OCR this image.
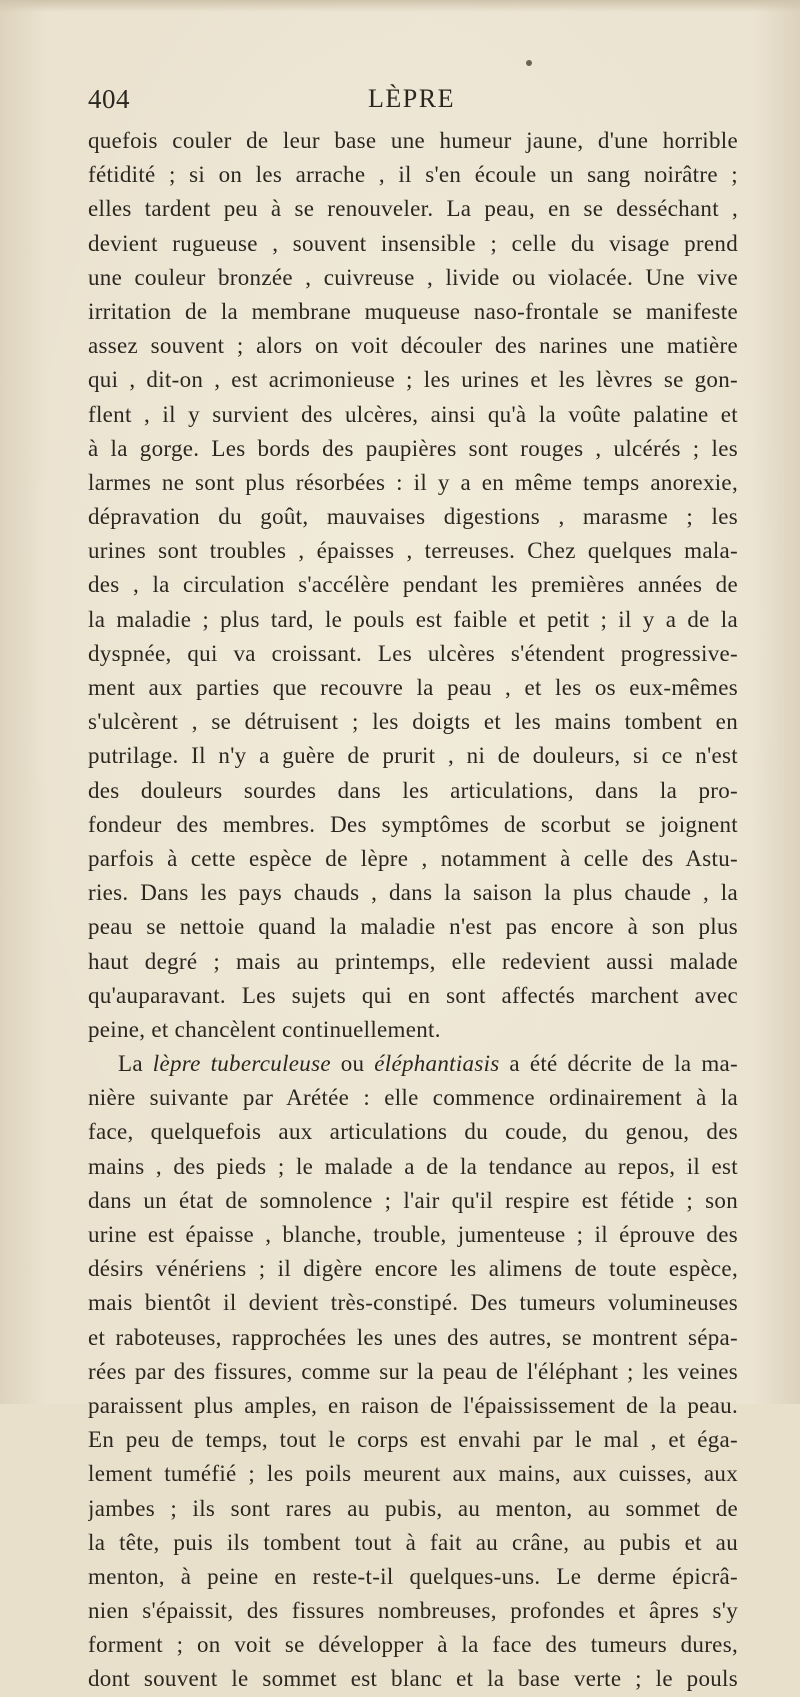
404	LÈPRE
quefois couler de leur base une humeur jaune, d'une horrible
fétidité ; si on les arrache , il s'en écoule un sang noirâtre ;
elles tardent peu à se renouveler. La peau, en se desséchant ,
devient rugueuse , souvent insensible ; celle du visage prend
une couleur bronzée , cuivreuse , livide ou violacée. Une vive
irritation de la membrane muqueuse naso-frontale se manifeste
assez souvent ; alors on voit découler des narines une matière
qui , dit-on , est acrimonieuse ; les urines et les lèvres se gon-
flent , il y survient des ulcères, ainsi qu'à la voûte palatine et
à la gorge. Les bords des paupières sont rouges , ulcérés ; les
larmes ne sont plus résorbées : il y a en même temps anorexie,
dépravation du goût, mauvaises digestions , marasme ; les
urines sont troubles , épaisses , terreuses. Chez quelques mala-
des , la circulation s'accélère pendant les premières années de
la maladie ; plus tard, le pouls est faible et petit ; il y a de la
dyspnée, qui va croissant. Les ulcères s'étendent progressive-
ment aux parties que recouvre la peau , et les os eux-mêmes
s'ulcèrent , se détruisent ; les doigts et les mains tombent en
putrilage. Il n'y a guère de prurit , ni de douleurs, si ce n'est
des douleurs sourdes dans les articulations, dans la pro-
fondeur des membres. Des symptômes de scorbut se joignent
parfois à cette espèce de lèpre , notamment à celle des Astu-
ries. Dans les pays chauds , dans la saison la plus chaude , la
peau se nettoie quand la maladie n'est pas encore à son plus
haut degré ; mais au printemps, elle redevient aussi malade
qu'auparavant. Les sujets qui en sont affectés marchent avec
peine, et chancèlent continuellement.
La lèpre tuberculeuse ou éléphantiasis a été décrite de la ma-
nière suivante par Arétée : elle commence ordinairement à la
face, quelquefois aux articulations du coude, du genou, des
mains , des pieds ; le malade a de la tendance au repos, il est
dans un état de somnolence ; l'air qu'il respire est fétide ; son
urine est épaisse , blanche, trouble, jumenteuse ; il éprouve des
désirs vénériens ; il digère encore les alimens de toute espèce,
mais bientôt il devient très-constipé. Des tumeurs volumineuses
et raboteuses, rapprochées les unes des autres, se montrent sépa-
rées par des fissures, comme sur la peau de l'éléphant ; les veines
paraissent plus amples, en raison de l'épaississement de la peau.
En peu de temps, tout le corps est envahi par le mal , et éga-
lement tuméfié ; les poils meurent aux mains, aux cuisses, aux
jambes ; ils sont rares au pubis, au menton, au sommet de
la tête, puis ils tombent tout à fait au crâne, au pubis et au
menton, à peine en reste-t-il quelques-uns. Le derme épicrâ-
nien s'épaissit, des fissures nombreuses, profondes et âpres s'y
forment ; on voit se développer à la face des tumeurs dures,
dont souvent le sommet est blanc et la base verte ; le pouls
